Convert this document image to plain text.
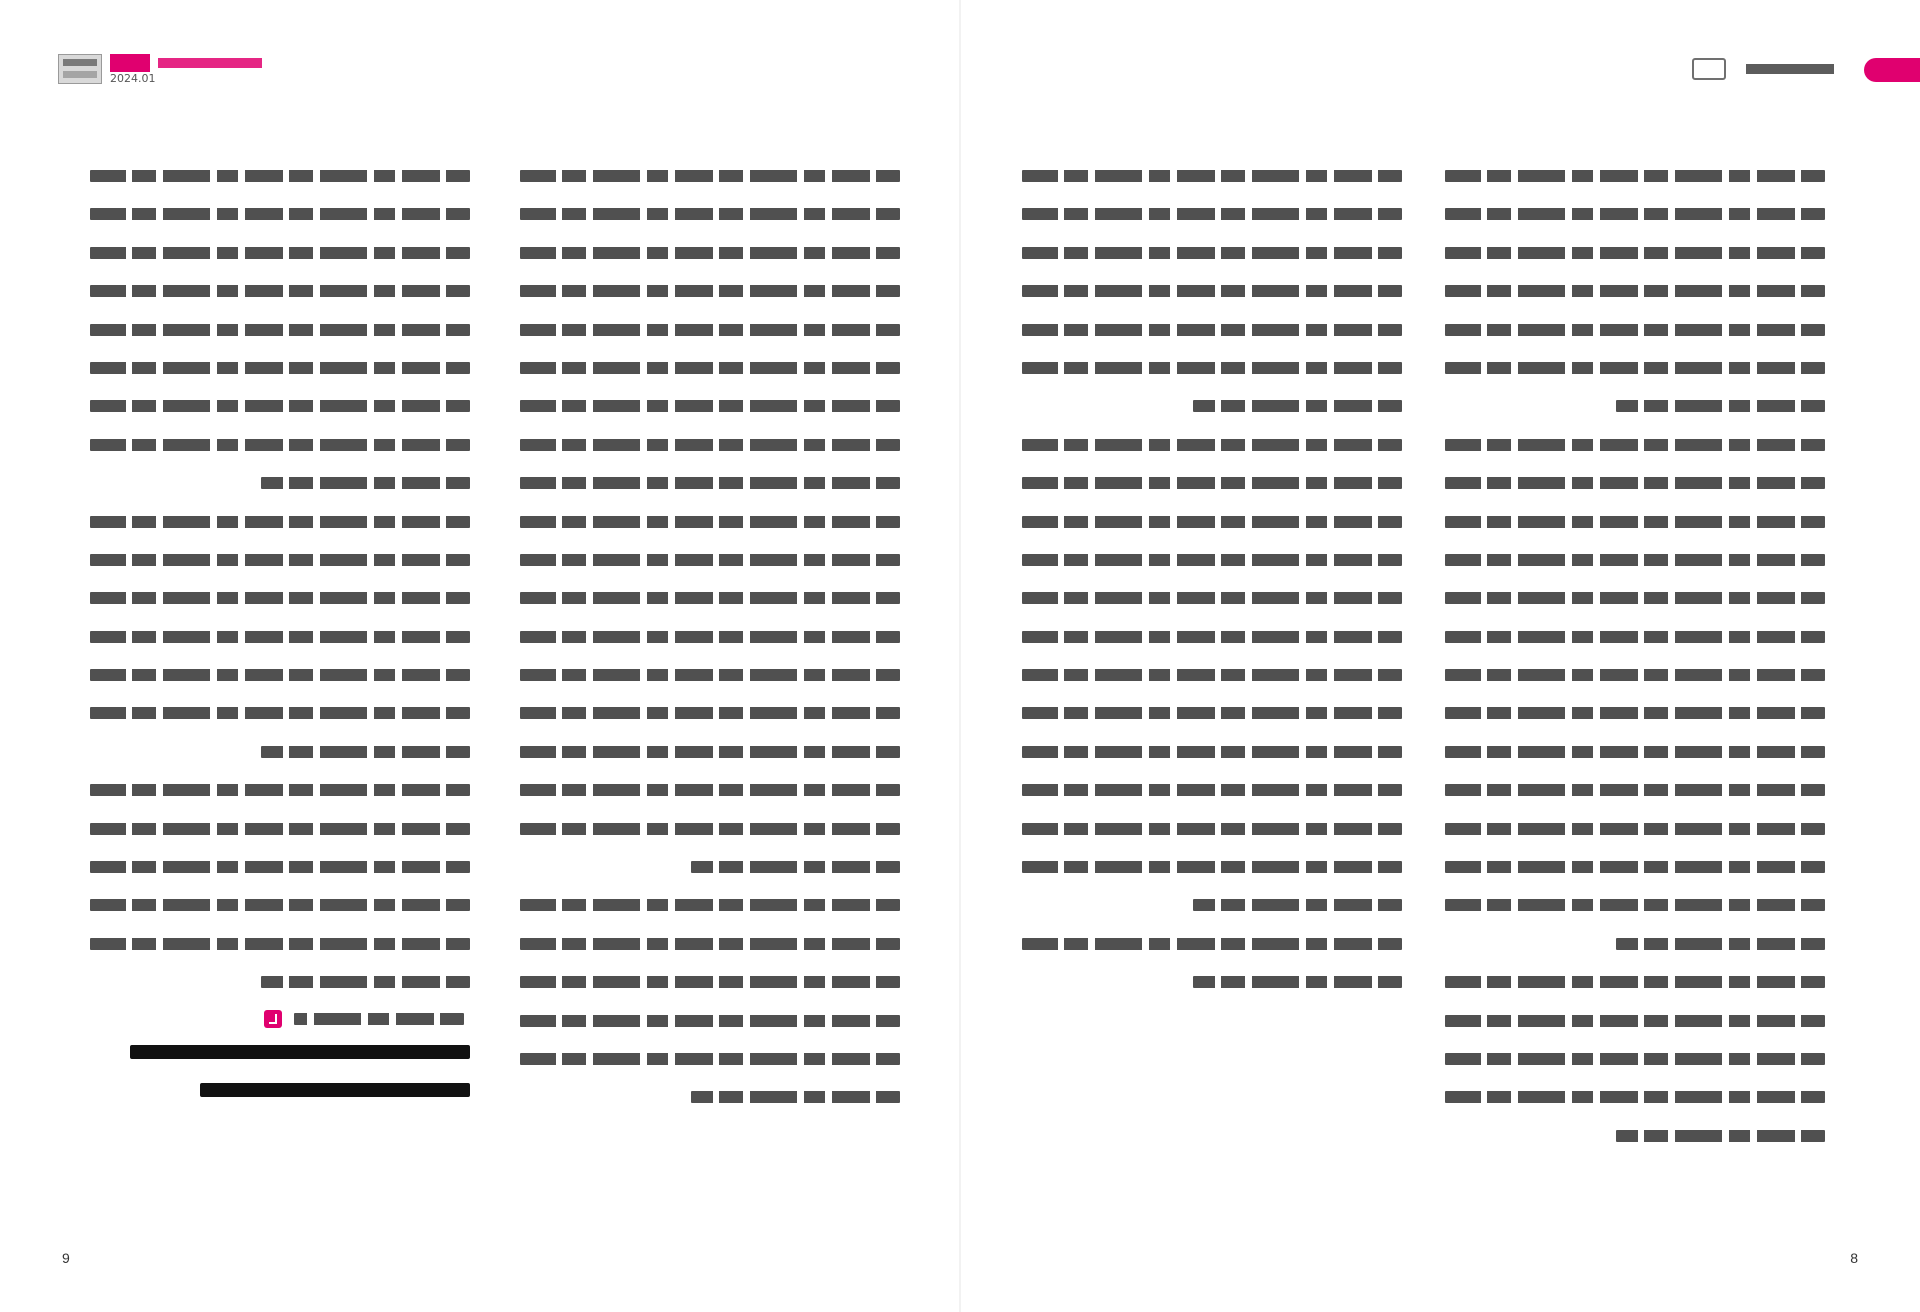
2024.01
9	8
